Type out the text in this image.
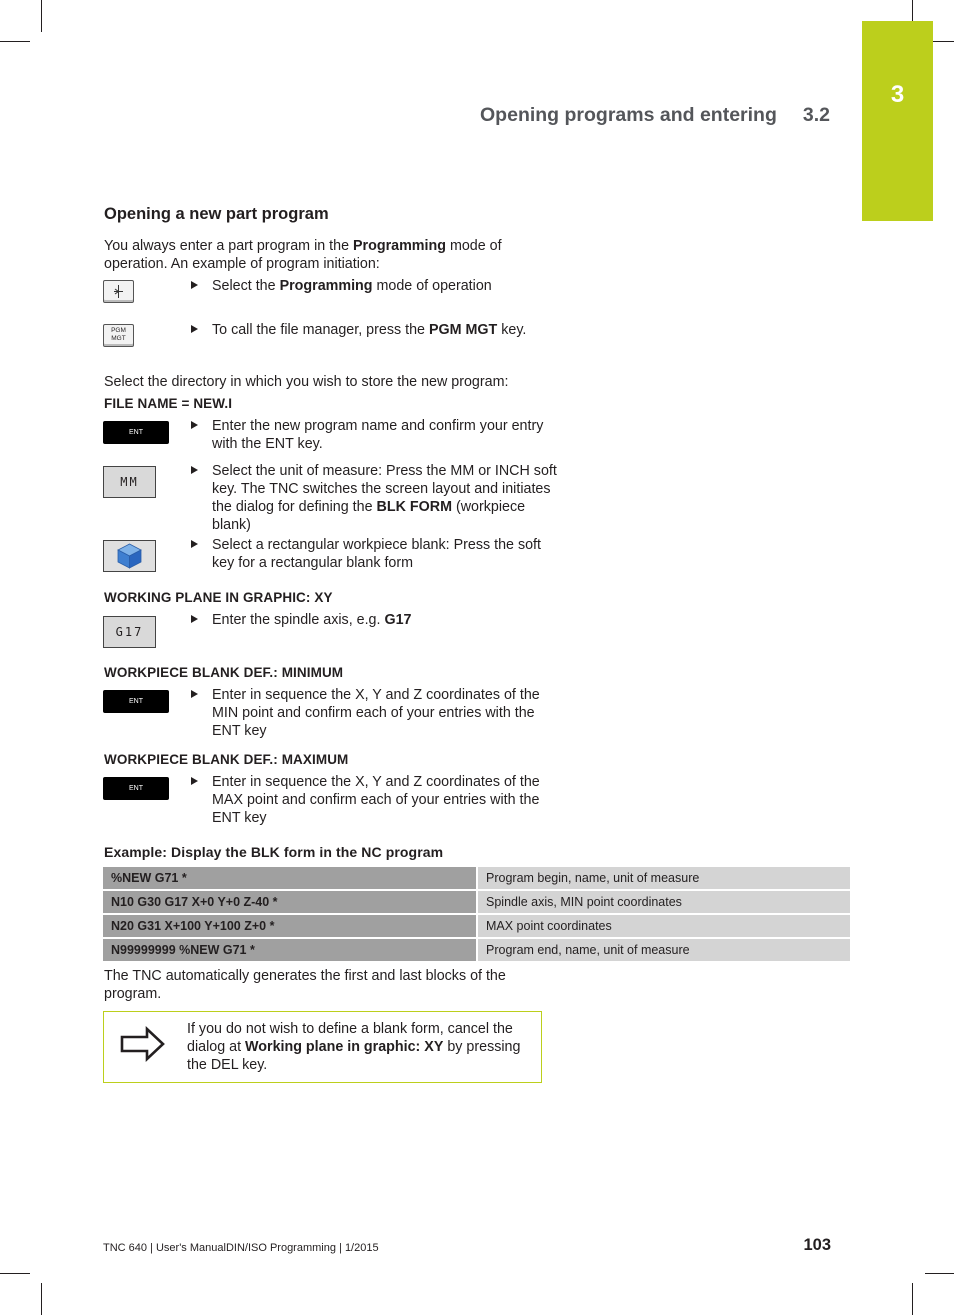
3
Opening programs and entering 3.2
Opening a new part program
You always enter a part program in the Programming mode of operation. An example of program initiation:
Select the Programming mode of operation
PGM
MGT
To call the file manager, press the PGM MGT key.
Select the directory in which you wish to store the new program:
FILE NAME = NEW.I
ENT	Enter the new program name and confirm your entry with the ENT key.
MM
Select the unit of measure: Press the MM or INCH soft key. The TNC switches the screen layout and initiates the dialog for defining the BLK FORM (workpiece blank)
Select a rectangular workpiece blank: Press the soft key for a rectangular blank form
WORKING PLANE IN GRAPHIC: XY
G17
Enter the spindle axis, e.g. G17
WORKPIECE BLANK DEF.: MINIMUM
ENT	Enter in sequence the X, Y and Z coordinates of the MIN point and confirm each of your entries with the ENT key
WORKPIECE BLANK DEF.: MAXIMUM
ENT	Enter in sequence the X, Y and Z coordinates of the MAX point and confirm each of your entries with the ENT key
Example: Display the BLK form in the NC program
%NEW G71 *	Program begin, name, unit of measure
N10 G30 G17 X+0 Y+0 Z-40 *	Spindle axis, MIN point coordinates
N20 G31 X+100 Y+100 Z+0 *	MAX point coordinates
N99999999 %NEW G71 *	Program end, name, unit of measure
The TNC automatically generates the first and last blocks of the program.
If you do not wish to define a blank form, cancel the dialog at Working plane in graphic: XY by pressing the DEL key.
TNC 640 | User's ManualDIN/ISO Programming | 1/2015	103
